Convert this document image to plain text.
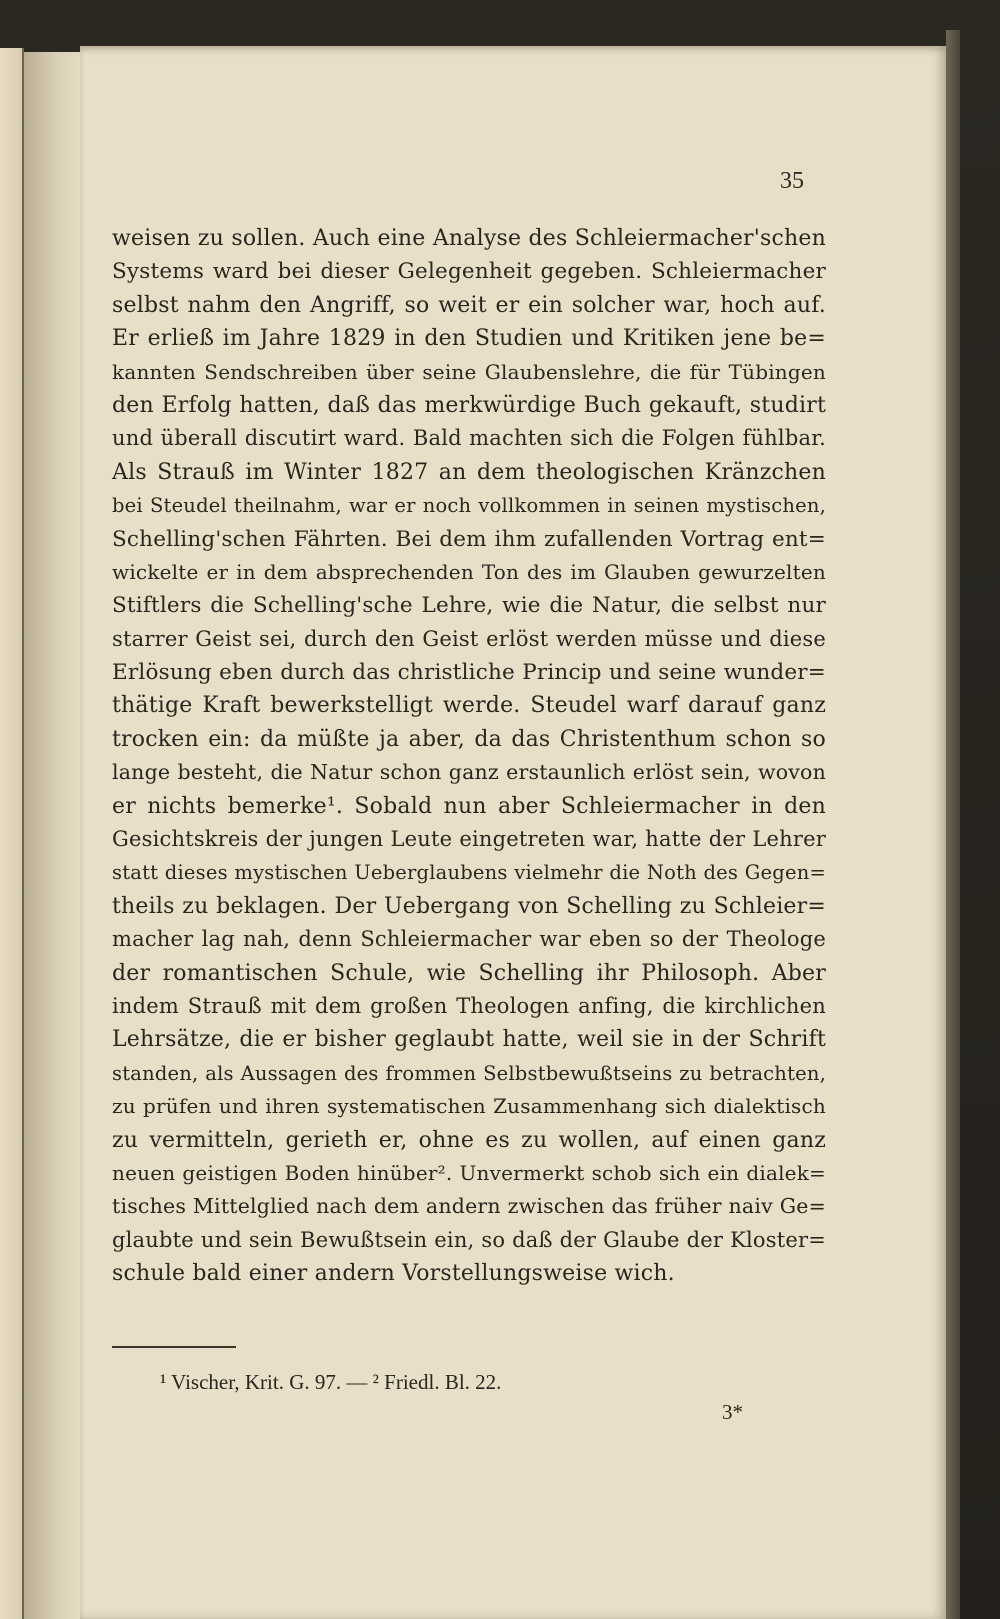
35
weisen zu sollen. Auch eine Analyse des Schleiermacher'schen
Systems ward bei dieser Gelegenheit gegeben. Schleiermacher
selbst nahm den Angriff, so weit er ein solcher war, hoch auf.
Er erließ im Jahre 1829 in den Studien und Kritiken jene be=
kannten Sendschreiben über seine Glaubenslehre, die für Tübingen
den Erfolg hatten, daß das merkwürdige Buch gekauft, studirt
und überall discutirt ward. Bald machten sich die Folgen fühlbar.
Als Strauß im Winter 1827 an dem theologischen Kränzchen
bei Steudel theilnahm, war er noch vollkommen in seinen mystischen,
Schelling'schen Fährten. Bei dem ihm zufallenden Vortrag ent=
wickelte er in dem absprechenden Ton des im Glauben gewurzelten
Stiftlers die Schelling'sche Lehre, wie die Natur, die selbst nur
starrer Geist sei, durch den Geist erlöst werden müsse und diese
Erlösung eben durch das christliche Princip und seine wunder=
thätige Kraft bewerkstelligt werde. Steudel warf darauf ganz
trocken ein: da müßte ja aber, da das Christenthum schon so
lange besteht, die Natur schon ganz erstaunlich erlöst sein, wovon
er nichts bemerke¹. Sobald nun aber Schleiermacher in den
Gesichtskreis der jungen Leute eingetreten war, hatte der Lehrer
statt dieses mystischen Ueberglaubens vielmehr die Noth des Gegen=
theils zu beklagen. Der Uebergang von Schelling zu Schleier=
macher lag nah, denn Schleiermacher war eben so der Theologe
der romantischen Schule, wie Schelling ihr Philosoph. Aber
indem Strauß mit dem großen Theologen anfing, die kirchlichen
Lehrsätze, die er bisher geglaubt hatte, weil sie in der Schrift
standen, als Aussagen des frommen Selbstbewußtseins zu betrachten,
zu prüfen und ihren systematischen Zusammenhang sich dialektisch
zu vermitteln, gerieth er, ohne es zu wollen, auf einen ganz
neuen geistigen Boden hinüber². Unvermerkt schob sich ein dialek=
tisches Mittelglied nach dem andern zwischen das früher naiv Ge=
glaubte und sein Bewußtsein ein, so daß der Glaube der Kloster=
schule bald einer andern Vorstellungsweise wich.
¹ Vischer, Krit. G. 97. — ² Friedl. Bl. 22.
3*
